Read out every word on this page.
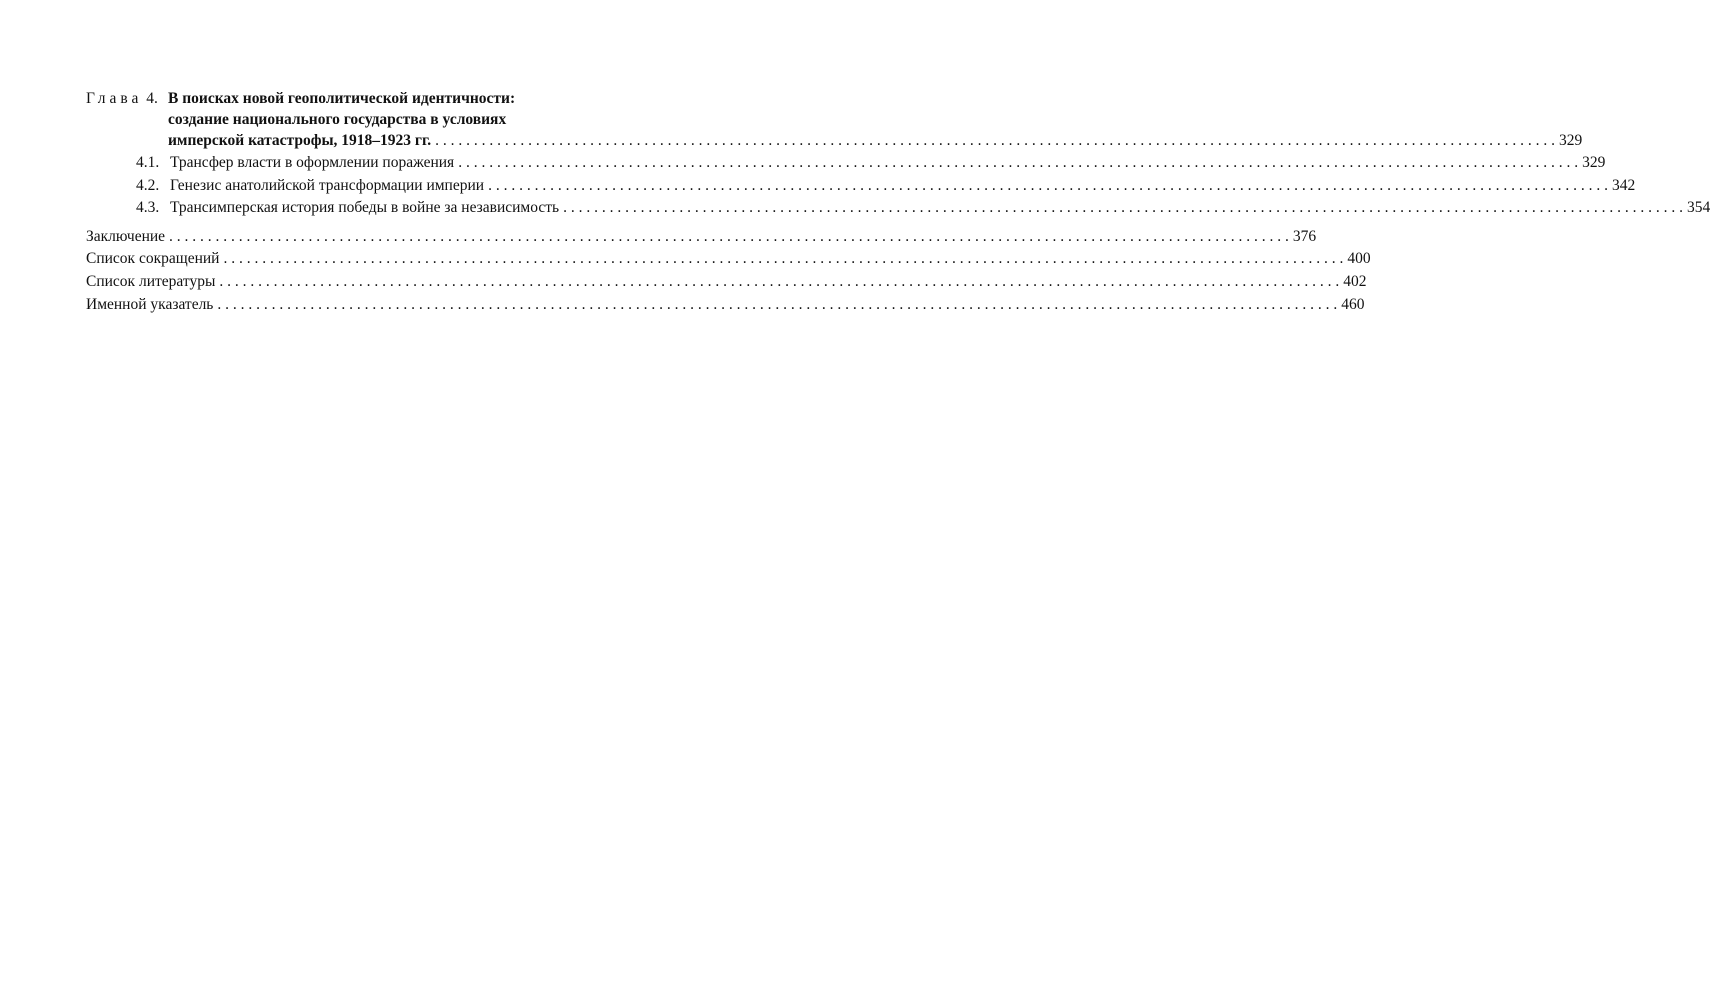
Глава 4. В поисках новой геополитической идентичности:
создание национального государства в условиях
имперской катастрофы, 1918–1923 гг. . . .	329
4.1. Трансфер власти в оформлении поражения . . .	329
4.2. Генезис анатолийской трансформации империи . . .	342
4.3. Трансимперская история победы в войне за независимость . . .	354
Заключение . . .	376
Список сокращений . . .	400
Список литературы . . .	402
Именной указатель . . .	460
